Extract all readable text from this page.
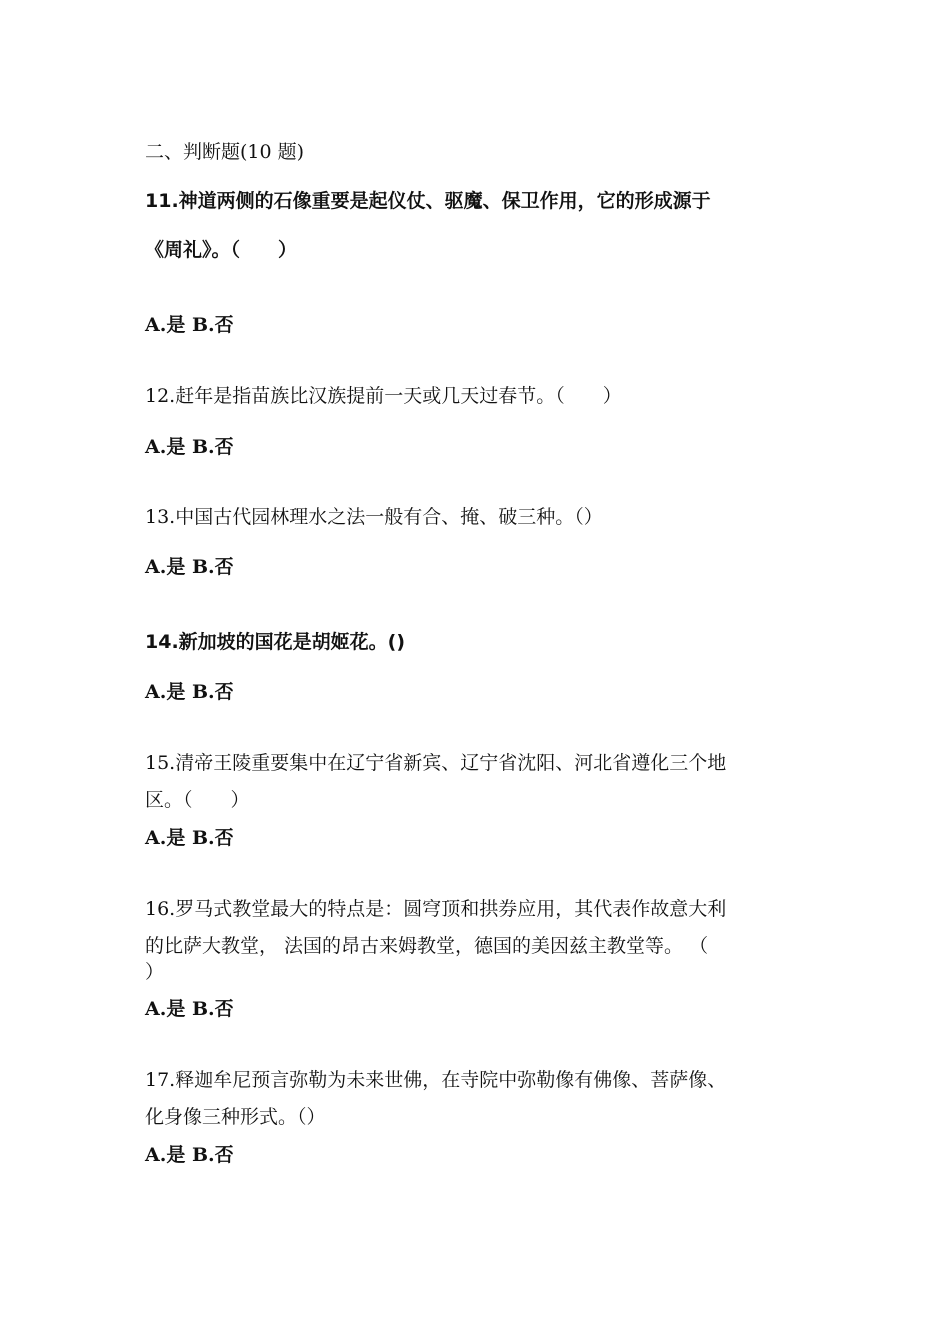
二、判断题(10 题)
11.神道两侧的石像重要是起仪仗、驱魔、保卫作用，它的形成源于
《周礼》。（　　）
A.是 B.否
12.赶年是指苗族比汉族提前一天或几天过春节。（　　）
A.是 B.否
13.中国古代园林理水之法一般有合、掩、破三种。（）
A.是 B.否
14.新加坡的国花是胡姬花。()
A.是 B.否
15.清帝王陵重要集中在辽宁省新宾、辽宁省沈阳、河北省遵化三个地
区。（　　）
A.是 B.否
16.罗马式教堂最大的特点是：圆穹顶和拱券应用，其代表作故意大利
的比萨大教堂， 法国的昂古来姆教堂，德国的美因兹主教堂等。 （
）
A.是 B.否
17.释迦牟尼预言弥勒为未来世佛，在寺院中弥勒像有佛像、菩萨像、
化身像三种形式。（）
A.是 B.否
